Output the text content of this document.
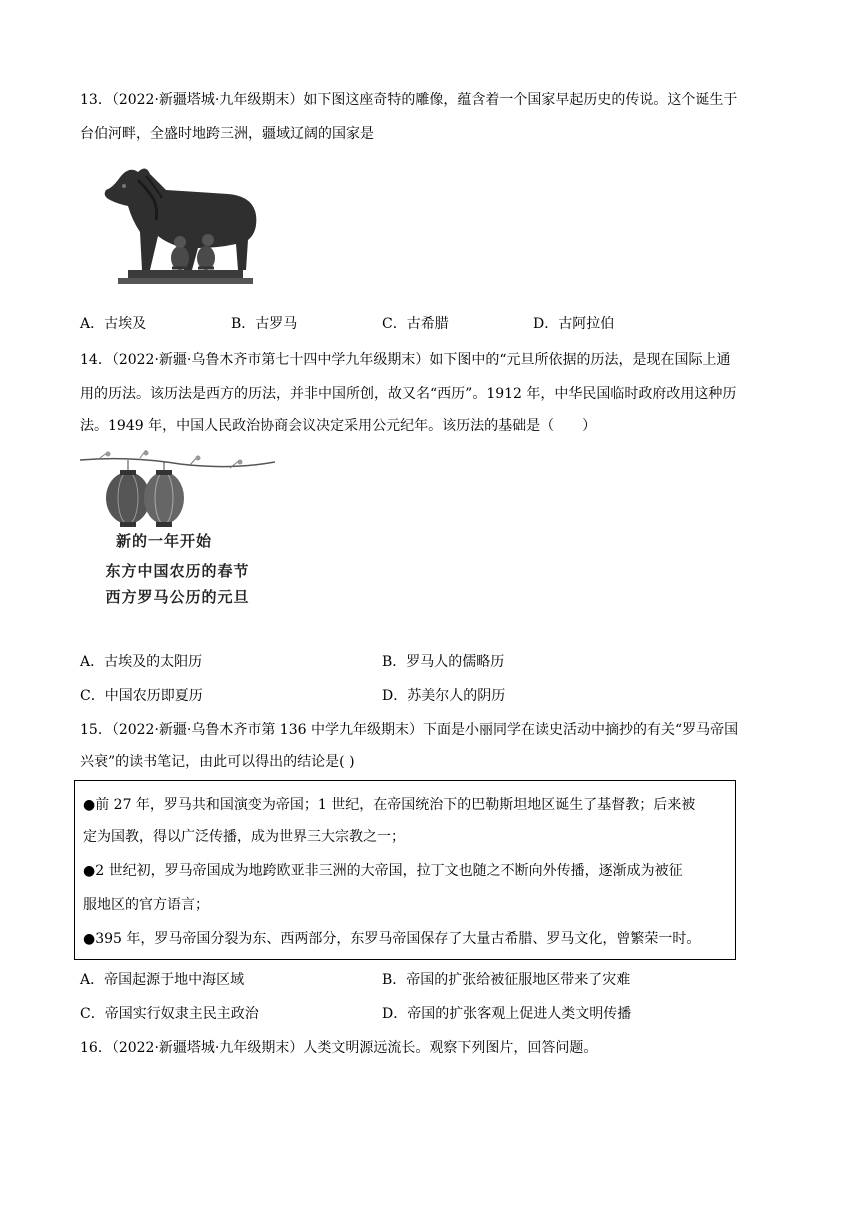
13．（2022·新疆塔城·九年级期末）如下图这座奇特的雕像，蕴含着一个国家早起历史的传说。这个诞生于
台伯河畔，全盛时地跨三洲，疆域辽阔的国家是
A．古埃及	B．古罗马	C．古希腊	D．古阿拉伯
14．（2022·新疆·乌鲁木齐市第七十四中学九年级期末）如下图中的“元旦所依据的历法，是现在国际上通
用的历法。该历法是西方的历法，并非中国所创，故又名“西历”。1912 年，中华民国临时政府改用这种历
法。1949 年，中国人民政治协商会议决定采用公元纪年。该历法的基础是（　　）
新的一年开始
东方中国农历的春节
西方罗马公历的元旦
A．古埃及的太阳历	B．罗马人的儒略历
C．中国农历即夏历	D．苏美尔人的阴历
15．（2022·新疆·乌鲁木齐市第 136 中学九年级期末）下面是小丽同学在读史活动中摘抄的有关“罗马帝国
兴衰”的读书笔记，由此可以得出的结论是( )
●前 27 年，罗马共和国演变为帝国；1 世纪，在帝国统治下的巴勒斯坦地区诞生了基督教；后来被
定为国教，得以广泛传播，成为世界三大宗教之一；
●2 世纪初，罗马帝国成为地跨欧亚非三洲的大帝国，拉丁文也随之不断向外传播，逐渐成为被征
服地区的官方语言；
●395 年，罗马帝国分裂为东、西两部分，东罗马帝国保存了大量古希腊、罗马文化，曾繁荣一时。
A．帝国起源于地中海区域	B．帝国的扩张给被征服地区带来了灾难
C．帝国实行奴隶主民主政治	D．帝国的扩张客观上促进人类文明传播
16．（2022·新疆塔城·九年级期末）人类文明源远流长。观察下列图片，回答问题。
